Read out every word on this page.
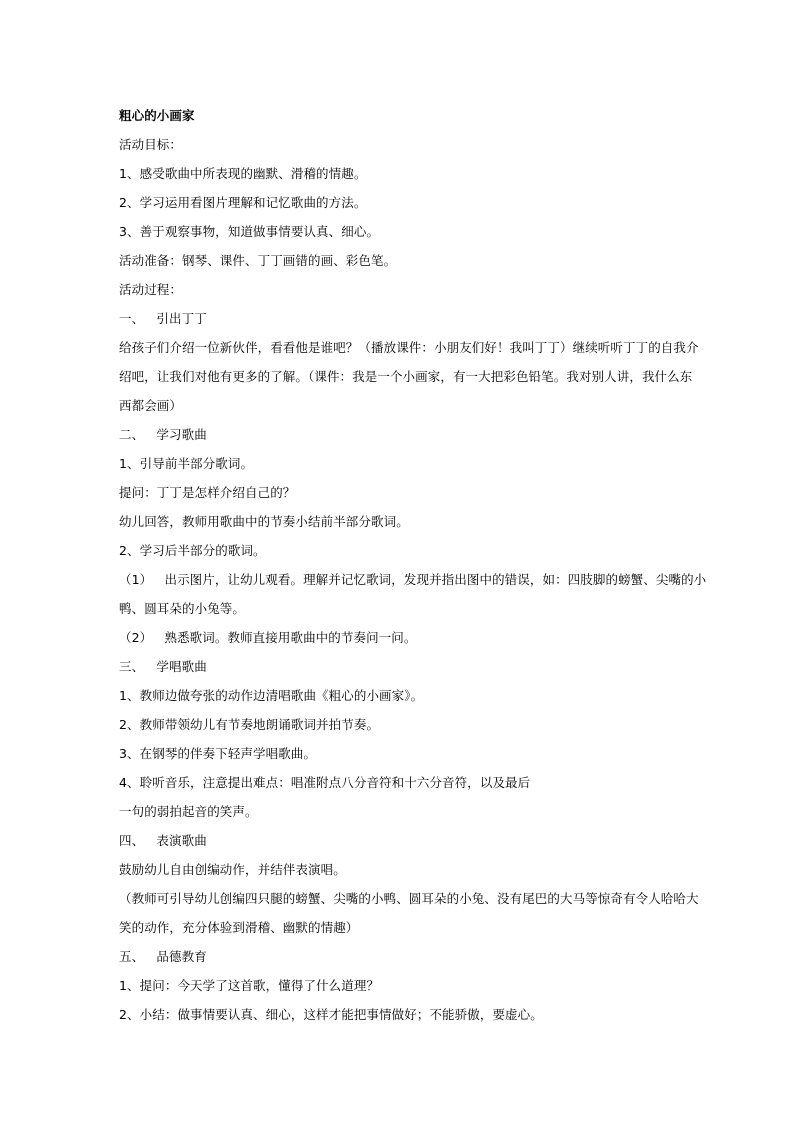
粗心的小画家
活动目标：
1、感受歌曲中所表现的幽默、滑稽的情趣。
2、学习运用看图片理解和记忆歌曲的方法。
3、善于观察事物，知道做事情要认真、细心。
活动准备：钢琴、课件、丁丁画错的画、彩色笔。
活动过程：
一、   引出丁丁
给孩子们介绍一位新伙伴，看看他是谁吧？（播放课件：小朋友们好！我叫丁丁）继续听听丁丁的自我介
绍吧，让我们对他有更多的了解。（课件：我是一个小画家，有一大把彩色铅笔。我对别人讲，我什么东
西都会画）
二、   学习歌曲
1、引导前半部分歌词。
提问：丁丁是怎样介绍自己的？
幼儿回答，教师用歌曲中的节奏小结前半部分歌词。
2、学习后半部分的歌词。
（1）   出示图片，让幼儿观看。理解并记忆歌词，发现并指出图中的错误，如：四肢脚的螃蟹、尖嘴的小
鸭、圆耳朵的小兔等。
（2）   熟悉歌词。教师直接用歌曲中的节奏问一问。
三、   学唱歌曲
1、教师边做夸张的动作边清唱歌曲《粗心的小画家》。
2、教师带领幼儿有节奏地朗诵歌词并拍节奏。
3、在钢琴的伴奏下轻声学唱歌曲。
4、聆听音乐，注意提出难点：唱准附点八分音符和十六分音符，以及最后
一句的弱拍起音的笑声。
四、   表演歌曲
鼓励幼儿自由创编动作，并结伴表演唱。
（教师可引导幼儿创编四只腿的螃蟹、尖嘴的小鸭、圆耳朵的小兔、没有尾巴的大马等惊奇有令人哈哈大
笑的动作，充分体验到滑稽、幽默的情趣）
五、   品德教育
1、提问：今天学了这首歌，懂得了什么道理？
2、小结：做事情要认真、细心，这样才能把事情做好；不能骄傲，要虚心。
